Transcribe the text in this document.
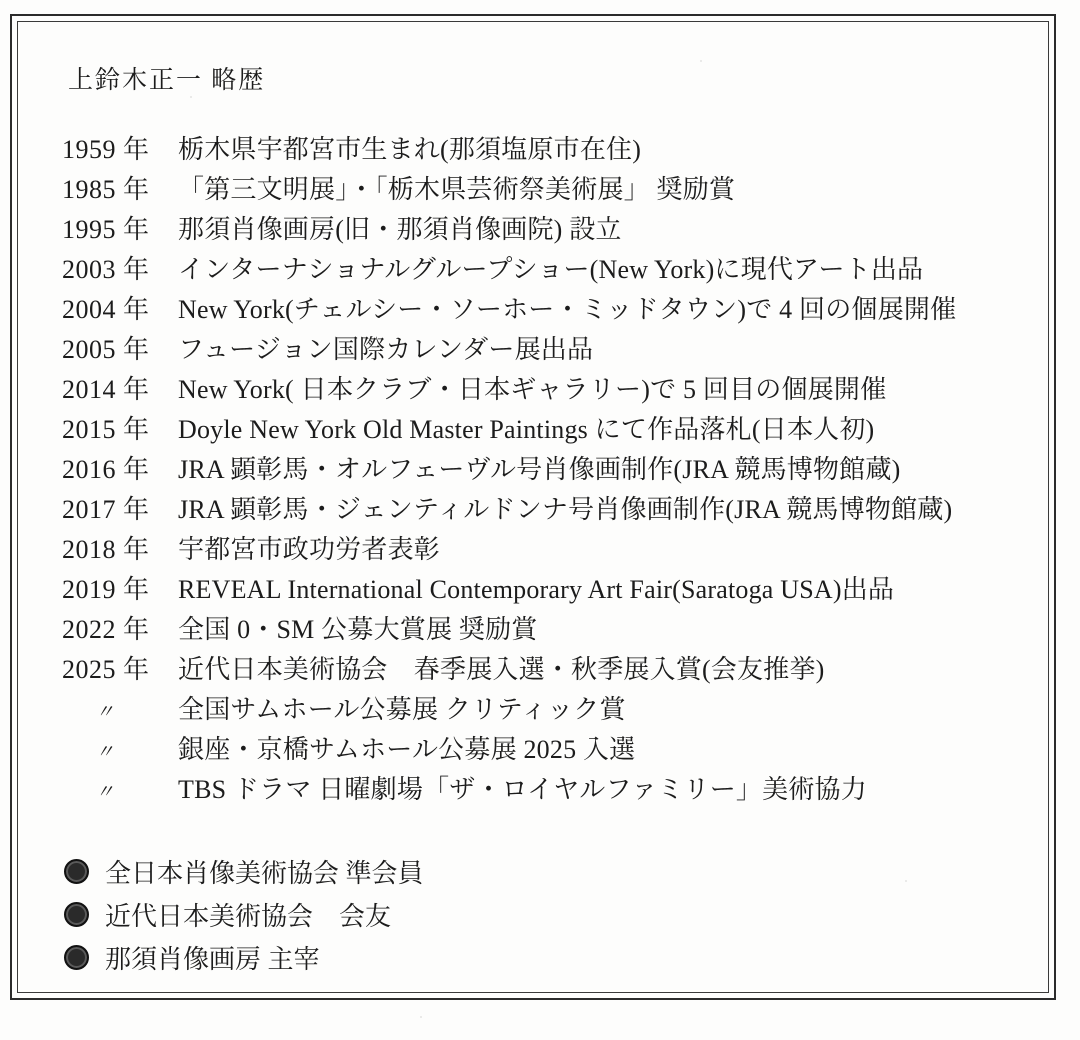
上鈴木正一 略歴
1959 年	栃木県宇都宮市生まれ(那須塩原市在住)
1985 年	「第三文明展」・「栃木県芸術祭美術展」 奨励賞
1995 年	那須肖像画房(旧・那須肖像画院) 設立
2003 年	インターナショナルグループショー(New York)に現代アート出品
2004 年	New York(チェルシー・ソーホー・ミッドタウン)で 4 回の個展開催
2005 年	フュージョン国際カレンダー展出品
2014 年	New York( 日本クラブ・日本ギャラリー)で 5 回目の個展開催
2015 年	Doyle New York Old Master Paintings にて作品落札(日本人初)
2016 年	JRA 顕彰馬・オルフェーヴル号肖像画制作(JRA 競馬博物館蔵)
2017 年	JRA 顕彰馬・ジェンティルドンナ号肖像画制作(JRA 競馬博物館蔵)
2018 年	宇都宮市政功労者表彰
2019 年	REVEAL International Contemporary Art Fair(Saratoga USA)出品
2022 年	全国 0・SM 公募大賞展 奨励賞
2025 年	近代日本美術協会　春季展入選・秋季展入賞(会友推挙)
〃	全国サムホール公募展 クリティック賞
〃	銀座・京橋サムホール公募展 2025 入選
〃	TBS ドラマ 日曜劇場「ザ・ロイヤルファミリー」美術協力
全日本肖像美術協会 準会員
近代日本美術協会　会友
那須肖像画房 主宰
